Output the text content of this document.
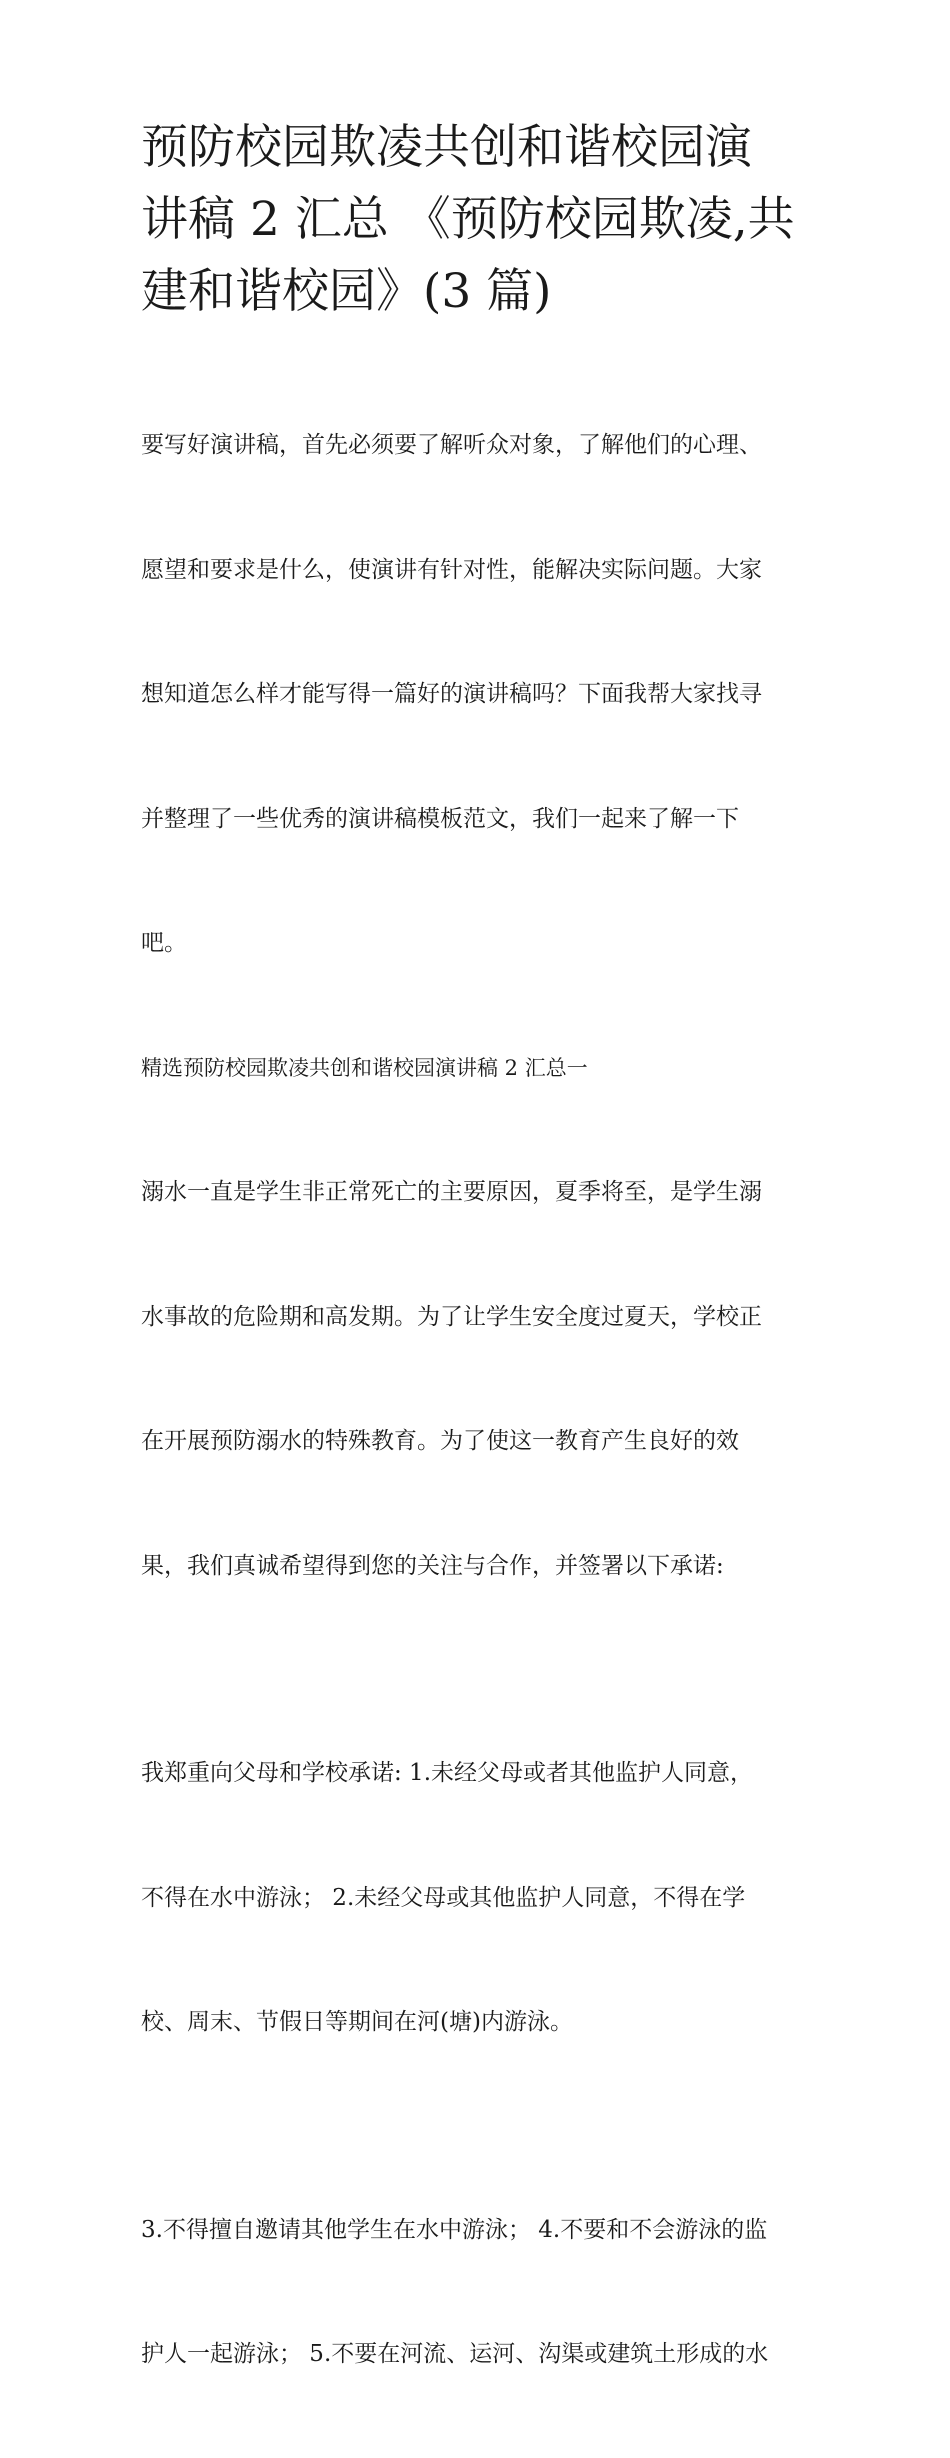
预防校园欺凌共创和谐校园演
讲稿 2 汇总 《预防校园欺凌,共
建和谐校园》(3 篇)

要写好演讲稿，首先必须要了解听众对象，了解他们的心理、

愿望和要求是什么，使演讲有针对性，能解决实际问题。大家

想知道怎么样才能写得一篇好的演讲稿吗？下面我帮大家找寻

并整理了一些优秀的演讲稿模板范文，我们一起来了解一下

吧。

精选预防校园欺凌共创和谐校园演讲稿 2 汇总一

溺水一直是学生非正常死亡的主要原因，夏季将至，是学生溺

水事故的危险期和高发期。为了让学生安全度过夏天，学校正

在开展预防溺水的特殊教育。为了使这一教育产生良好的效

果，我们真诚希望得到您的关注与合作，并签署以下承诺:

我郑重向父母和学校承诺: 1.未经父母或者其他监护人同意，

不得在水中游泳； 2.未经父母或其他监护人同意，不得在学

校、周末、节假日等期间在河(塘)内游泳。

3.不得擅自邀请其他学生在水中游泳； 4.不要和不会游泳的监

护人一起游泳； 5.不要在河流、运河、沟渠或建筑土形成的水
